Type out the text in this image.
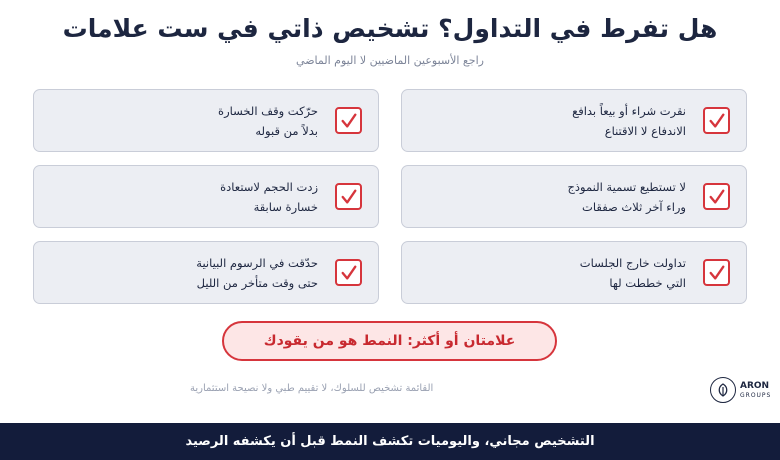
هل تفرط في التداول؟ تشخيص ذاتي في ست علامات
راجع الأسبوعين الماضيين لا اليوم الماضي
نقرت شراء أو بيعاً بدافع
الاندفاع لا الاقتناع
حرّكت وقف الخسارة
بدلاً من قبوله
لا تستطيع تسمية النموذج
وراء آخر ثلاث صفقات
زدت الحجم لاستعادة
خسارة سابقة
تداولت خارج الجلسات
التي خططت لها
حدّقت في الرسوم البيانية
حتى وقت متأخر من الليل
علامتان أو أكثر: النمط هو من يقودك
القائمة تشخيص للسلوك، لا تقييم طبي ولا نصيحة استثمارية	ARON
GROUPS
التشخيص مجاني، واليوميات تكشف النمط قبل أن يكشفه الرصيد
